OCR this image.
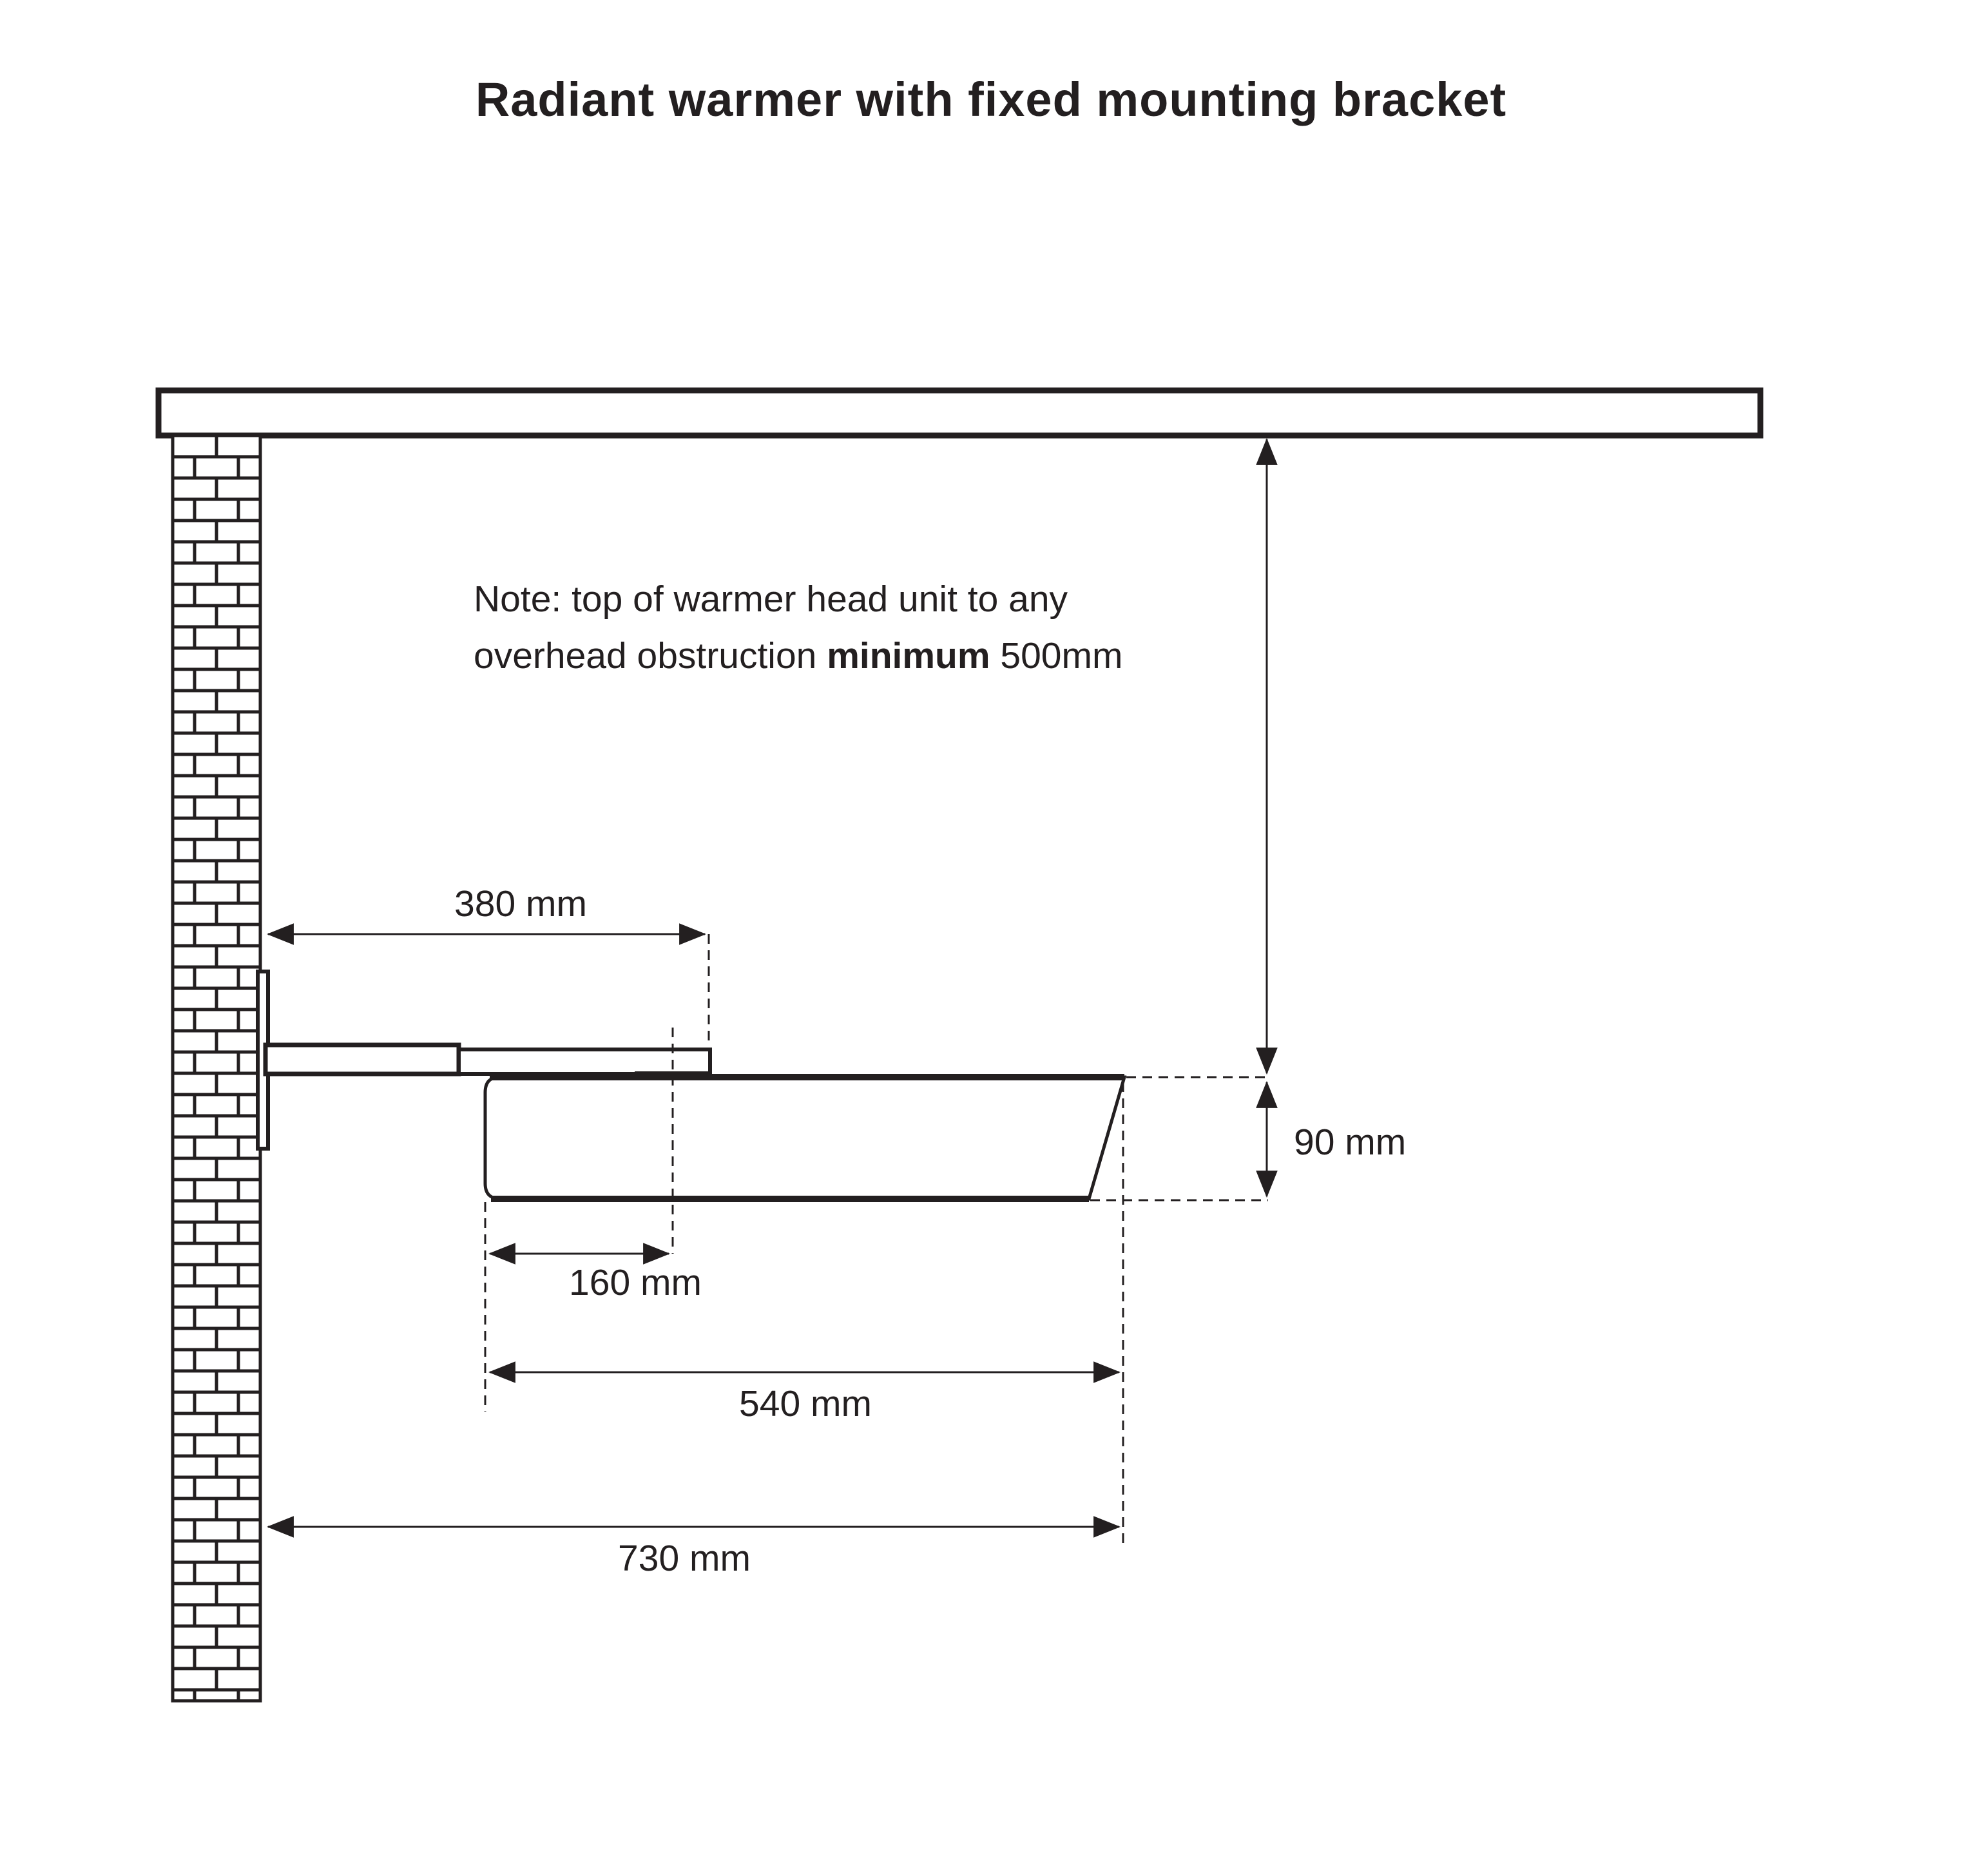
Radiant warmer with fixed mounting bracket
Note: top of warmer head unit to any
overhead obstruction minimum 500mm
380 mm
90 mm
160 mm
540 mm
730 mm
